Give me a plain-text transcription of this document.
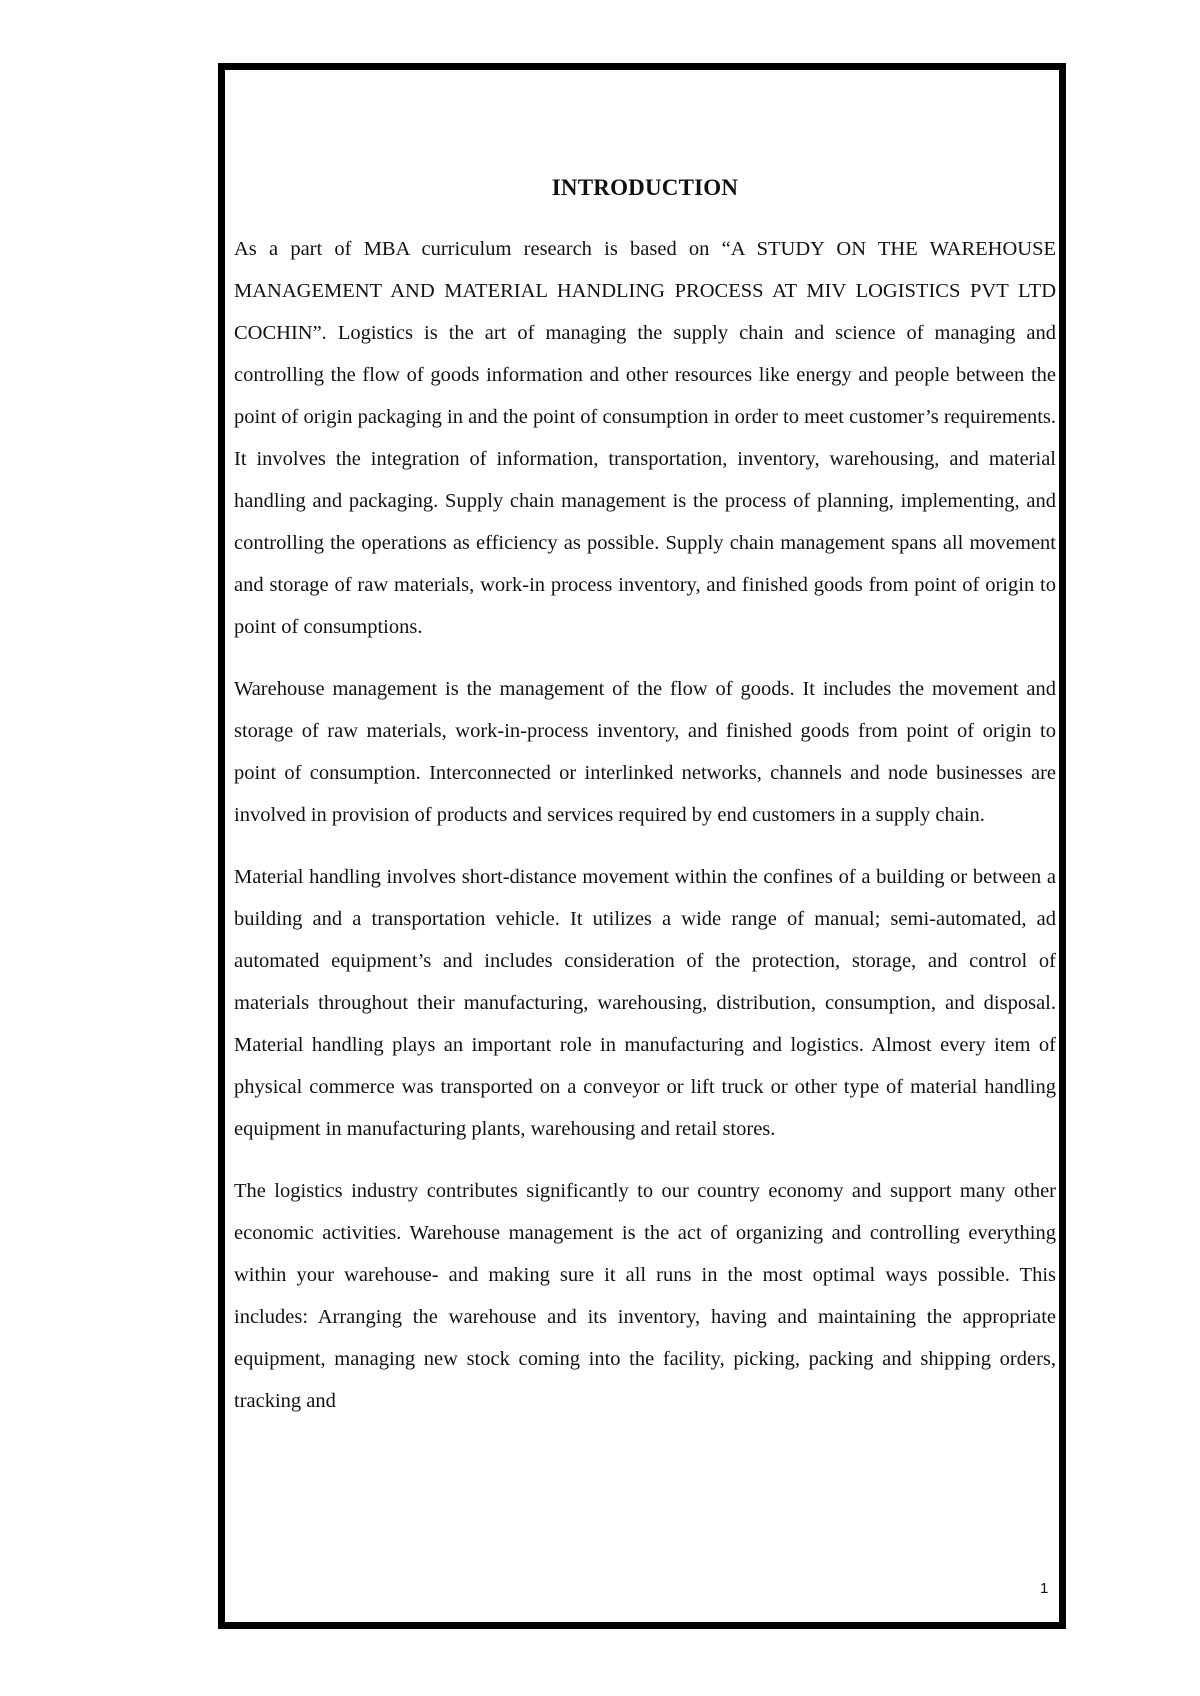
INTRODUCTION

As a part of MBA curriculum research is based on “A STUDY ON THE WAREHOUSE MANAGEMENT AND MATERIAL HANDLING PROCESS AT MIV LOGISTICS PVT LTD COCHIN”. Logistics is the art of managing the supply chain and science of managing and controlling the flow of goods information and other resources like energy and people between the point of origin packaging in and the point of consumption in order to meet customer’s requirements. It involves the integration of information, transportation, inventory, warehousing, and material handling and packaging. Supply chain management is the process of planning, implementing, and controlling the operations as efficiency as possible. Supply chain management spans all movement and storage of raw materials, work-in process inventory, and finished goods from point of origin to point of consumptions.

Warehouse management is the management of the flow of goods. It includes the movement and storage of raw materials, work-in-process inventory, and finished goods from point of origin to point of consumption. Interconnected or interlinked networks, channels and node businesses are involved in provision of products and services required by end customers in a supply chain.

Material handling involves short-distance movement within the confines of a building or between a building and a transportation vehicle. It utilizes a wide range of manual; semi-automated, ad automated equipment’s and includes consideration of the protection, storage, and control of materials throughout their manufacturing, warehousing, distribution, consumption, and disposal. Material handling plays an important role in manufacturing and logistics. Almost every item of physical commerce was transported on a conveyor or lift truck or other type of material handling equipment in manufacturing plants, warehousing and retail stores.

The logistics industry contributes significantly to our country economy and support many other economic activities. Warehouse management is the act of organizing and controlling everything within your warehouse- and making sure it all runs in the most optimal ways possible. This includes: Arranging the warehouse and its inventory, having and maintaining the appropriate equipment, managing new stock coming into the facility, picking, packing and shipping orders, tracking and

1
